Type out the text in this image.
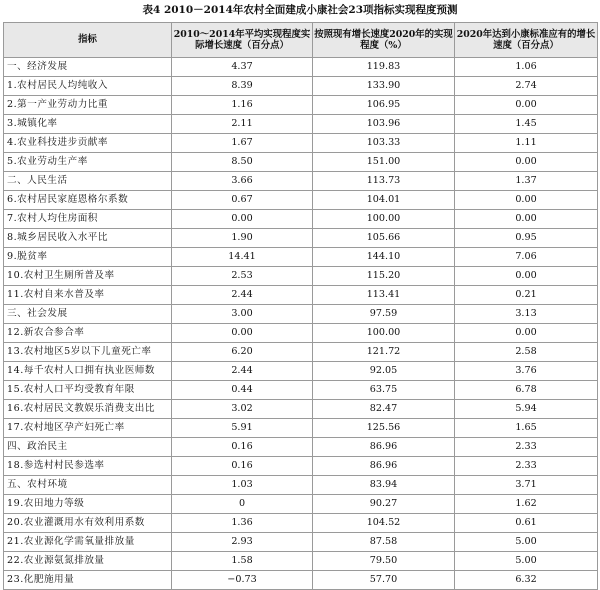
表4 2010－2014年农村全面建成小康社会23项指标实现程度预测
指标	2010～2014年平均实现程度实际增长速度（百分点）	按照现有增长速度2020年的实现程度（%）	2020年达到小康标准应有的增长速度（百分点）
一、经济发展	4.37	119.83	1.06
1.农村居民人均纯收入	8.39	133.90	2.74
2.第一产业劳动力比重	1.16	106.95	0.00
3.城镇化率	2.11	103.96	1.45
4.农业科技进步贡献率	1.67	103.33	1.11
5.农业劳动生产率	8.50	151.00	0.00
二、人民生活	3.66	113.73	1.37
6.农村居民家庭恩格尔系数	0.67	104.01	0.00
7.农村人均住房面积	0.00	100.00	0.00
8.城乡居民收入水平比	1.90	105.66	0.95
9.脱贫率	14.41	144.10	7.06
10.农村卫生厕所普及率	2.53	115.20	0.00
11.农村自来水普及率	2.44	113.41	0.21
三、社会发展	3.00	97.59	3.13
12.新农合参合率	0.00	100.00	0.00
13.农村地区5岁以下儿童死亡率	6.20	121.72	2.58
14.每千农村人口拥有执业医师数	2.44	92.05	3.76
15.农村人口平均受教育年限	0.44	63.75	6.78
16.农村居民文教娱乐消费支出比	3.02	82.47	5.94
17.农村地区孕产妇死亡率	5.91	125.56	1.65
四、政治民主	0.16	86.96	2.33
18.参选村村民参选率	0.16	86.96	2.33
五、农村环境	1.03	83.94	3.71
19.农田地力等级	0	90.27	1.62
20.农业灌溉用水有效利用系数	1.36	104.52	0.61
21.农业源化学需氧量排放量	2.93	87.58	5.00
22.农业源氨氮排放量	1.58	79.50	5.00
23.化肥施用量	−0.73	57.70	6.32
